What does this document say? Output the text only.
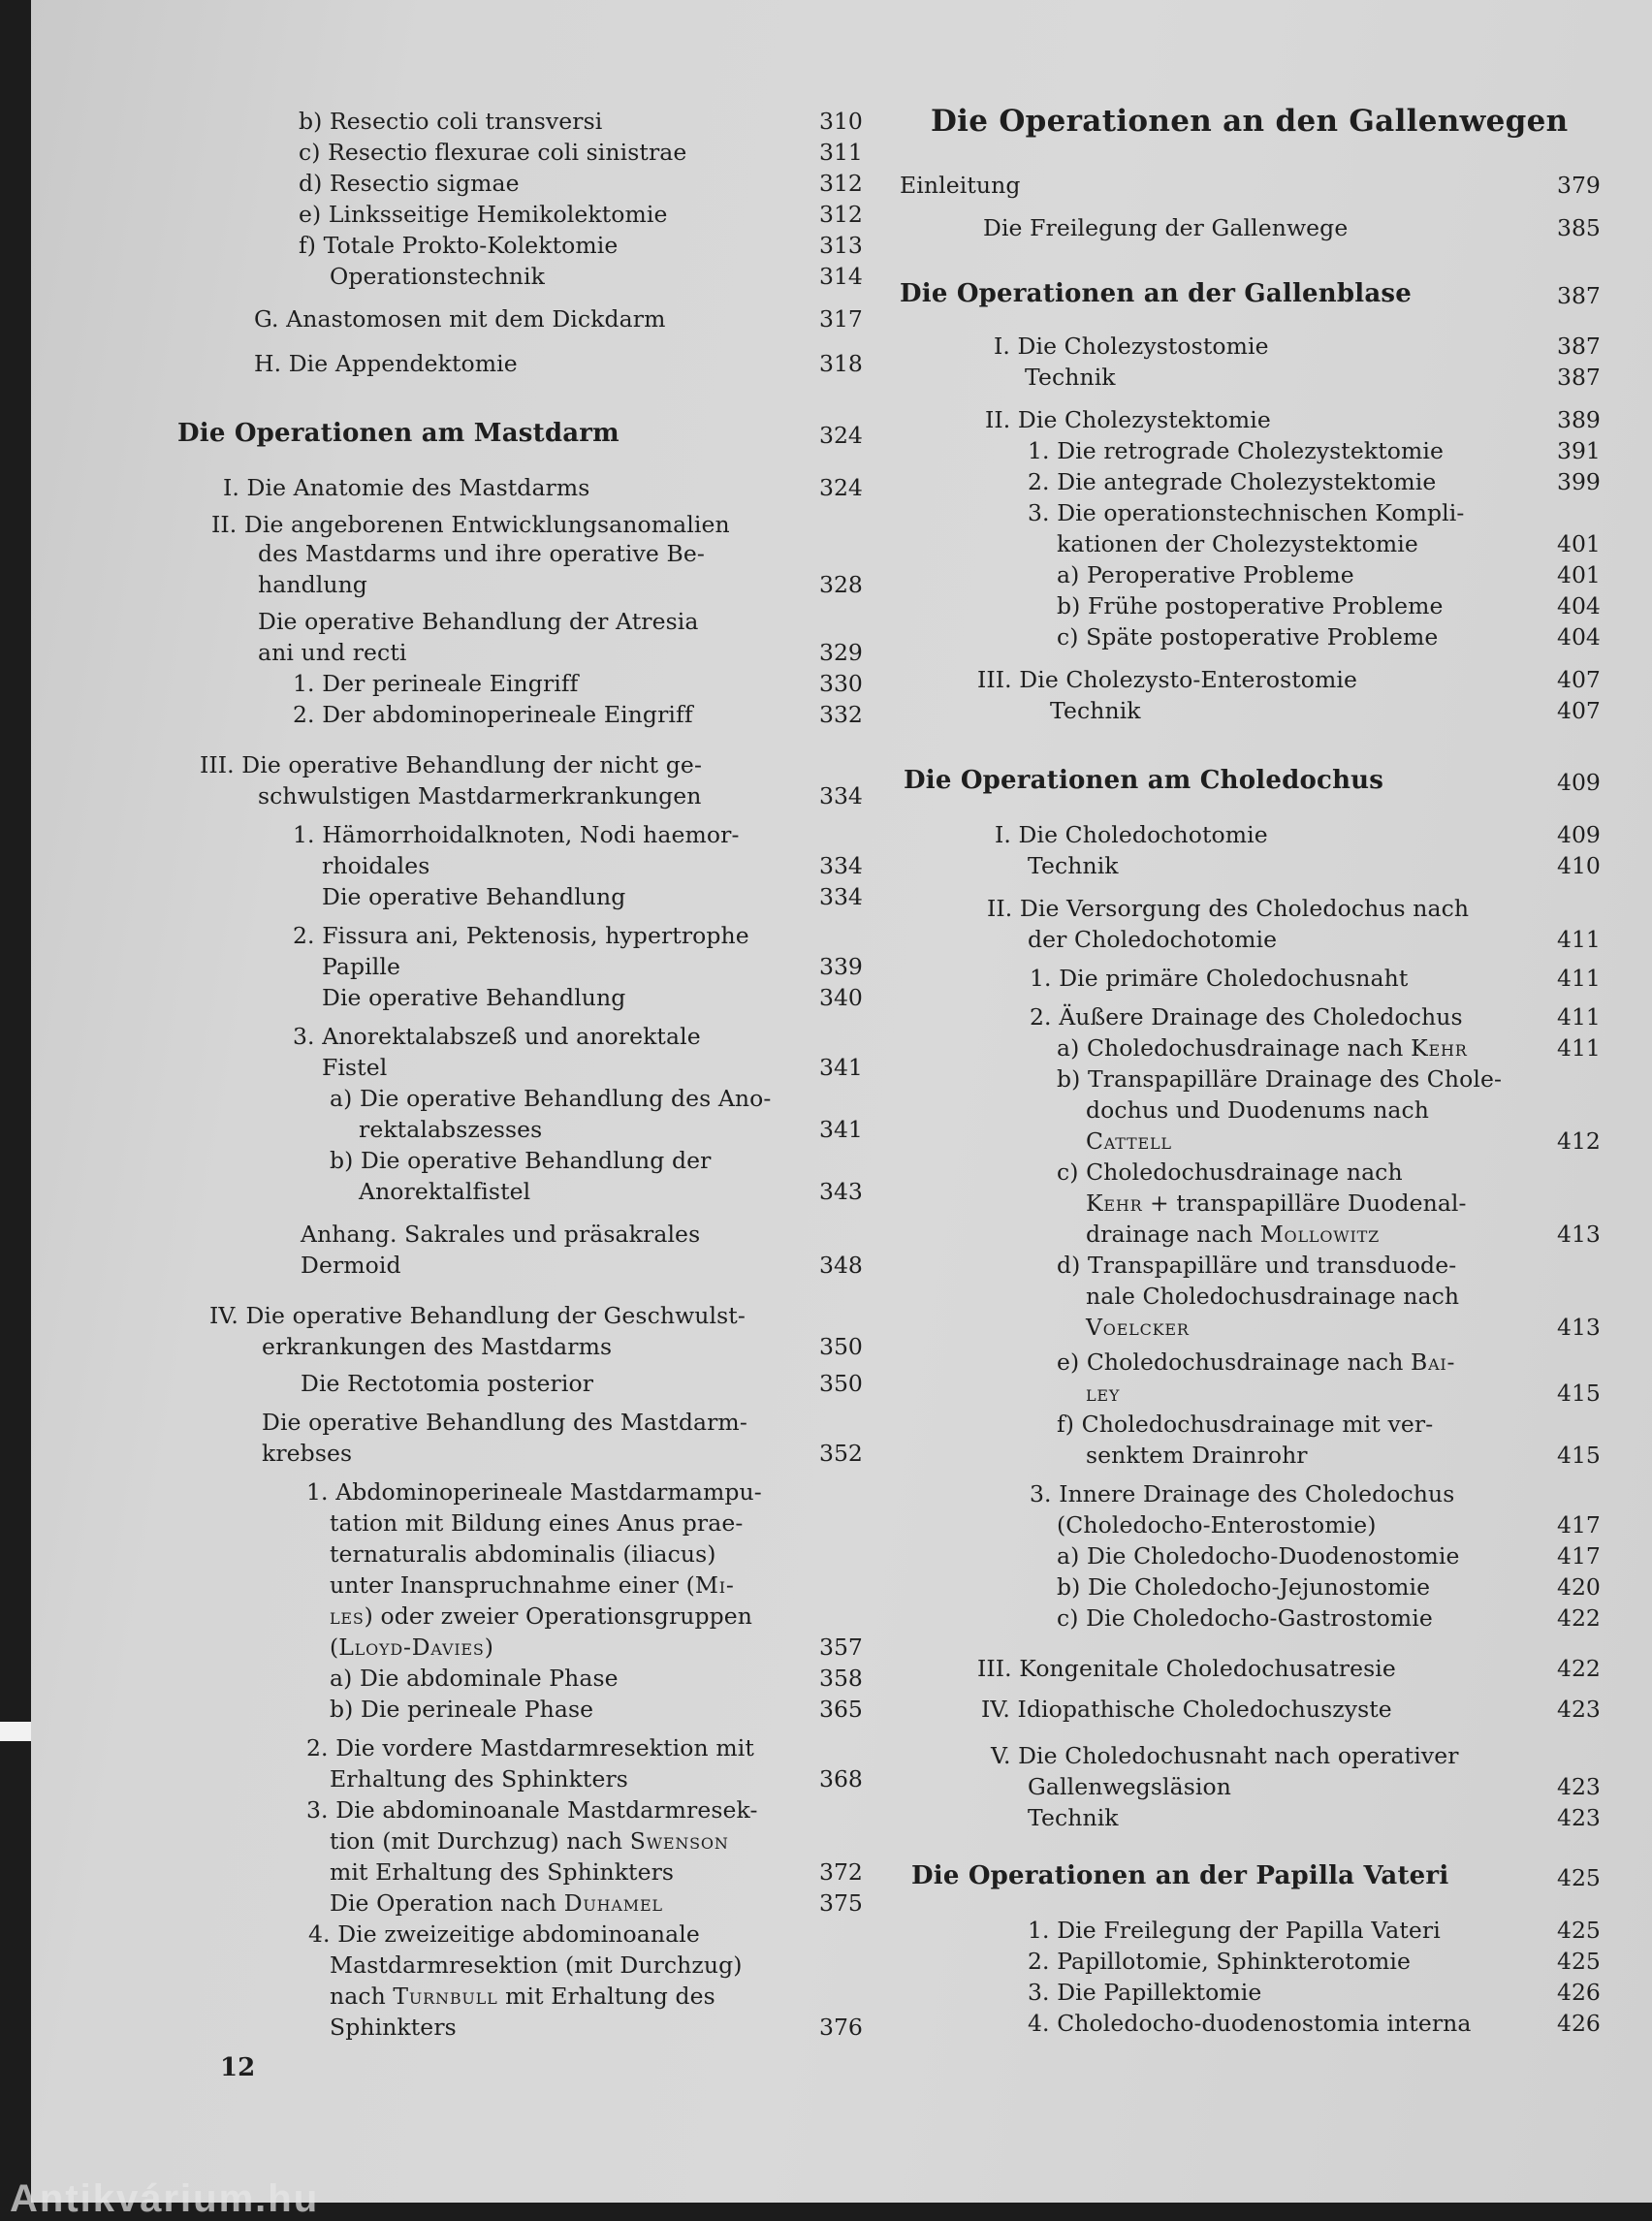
b) Resectio coli transversi	310
c) Resectio flexurae coli sinistrae	311
d) Resectio sigmae	312
e) Linksseitige Hemikolektomie	312
f) Totale Prokto-Kolektomie	313
Operationstechnik	314
G. Anastomosen mit dem Dickdarm	317
H. Die Appendektomie	318
Die Operationen am Mastdarm	324
I. Die Anatomie des Mastdarms	324
II. Die angeborenen Entwicklungsanomalien
des Mastdarms und ihre operative Be-
handlung	328
Die operative Behandlung der Atresia
ani und recti	329
1. Der perineale Eingriff	330
2. Der abdominoperineale Eingriff	332
III. Die operative Behandlung der nicht ge-
schwulstigen Mastdarmerkrankungen	334
1. Hämorrhoidalknoten, Nodi haemor-
rhoidales	334
Die operative Behandlung	334
2. Fissura ani, Pektenosis, hypertrophe
Papille	339
Die operative Behandlung	340
3. Anorektalabszeß und anorektale
Fistel	341
a) Die operative Behandlung des Ano-
rektalabszesses	341
b) Die operative Behandlung der
Anorektalfistel	343
Anhang. Sakrales und präsakrales
Dermoid	348
IV. Die operative Behandlung der Geschwulst-
erkrankungen des Mastdarms	350
Die Rectotomia posterior	350
Die operative Behandlung des Mastdarm-
krebses	352
1. Abdominoperineale Mastdarmampu-
tation mit Bildung eines Anus prae-
ternaturalis abdominalis (iliacus)
unter Inanspruchnahme einer (Mi-
les) oder zweier Operationsgruppen
(Lloyd-Davies)	357
a) Die abdominale Phase	358
b) Die perineale Phase	365
2. Die vordere Mastdarmresektion mit
Erhaltung des Sphinkters	368
3. Die abdominoanale Mastdarmresek-
tion (mit Durchzug) nach Swenson
mit Erhaltung des Sphinkters	372
Die Operation nach Duhamel	375
4. Die zweizeitige abdominoanale
Mastdarmresektion (mit Durchzug)
nach Turnbull mit Erhaltung des
Sphinkters	376
Die Operationen an den Gallenwegen
Einleitung	379
Die Freilegung der Gallenwege	385
Die Operationen an der Gallenblase	387
I. Die Cholezystostomie	387
Technik	387
II. Die Cholezystektomie	389
1. Die retrograde Cholezystektomie	391
2. Die antegrade Cholezystektomie	399
3. Die operationstechnischen Kompli-
kationen der Cholezystektomie	401
a) Peroperative Probleme	401
b) Frühe postoperative Probleme	404
c) Späte postoperative Probleme	404
III. Die Cholezysto-Enterostomie	407
Technik	407
Die Operationen am Choledochus	409
I. Die Choledochotomie	409
Technik	410
II. Die Versorgung des Choledochus nach
der Choledochotomie	411
1. Die primäre Choledochusnaht	411
2. Äußere Drainage des Choledochus	411
a) Choledochusdrainage nach Kehr	411
b) Transpapilläre Drainage des Chole-
dochus und Duodenums nach
Cattell	412
c) Choledochusdrainage nach
Kehr + transpapilläre Duodenal-
drainage nach Mollowitz	413
d) Transpapilläre und transduode-
nale Choledochusdrainage nach
Voelcker	413
e) Choledochusdrainage nach Bai-
ley	415
f) Choledochusdrainage mit ver-
senktem Drainrohr	415
3. Innere Drainage des Choledochus
(Choledocho-Enterostomie)	417
a) Die Choledocho-Duodenostomie	417
b) Die Choledocho-Jejunostomie	420
c) Die Choledocho-Gastrostomie	422
III. Kongenitale Choledochusatresie	422
IV. Idiopathische Choledochuszyste	423
V. Die Choledochusnaht nach operativer
Gallenwegsläsion	423
Technik	423
Die Operationen an der Papilla Vateri	425
1. Die Freilegung der Papilla Vateri	425
2. Papillotomie, Sphinkterotomie	425
3. Die Papillektomie	426
4. Choledocho-duodenostomia interna	426
12
Antikvárium.hu
